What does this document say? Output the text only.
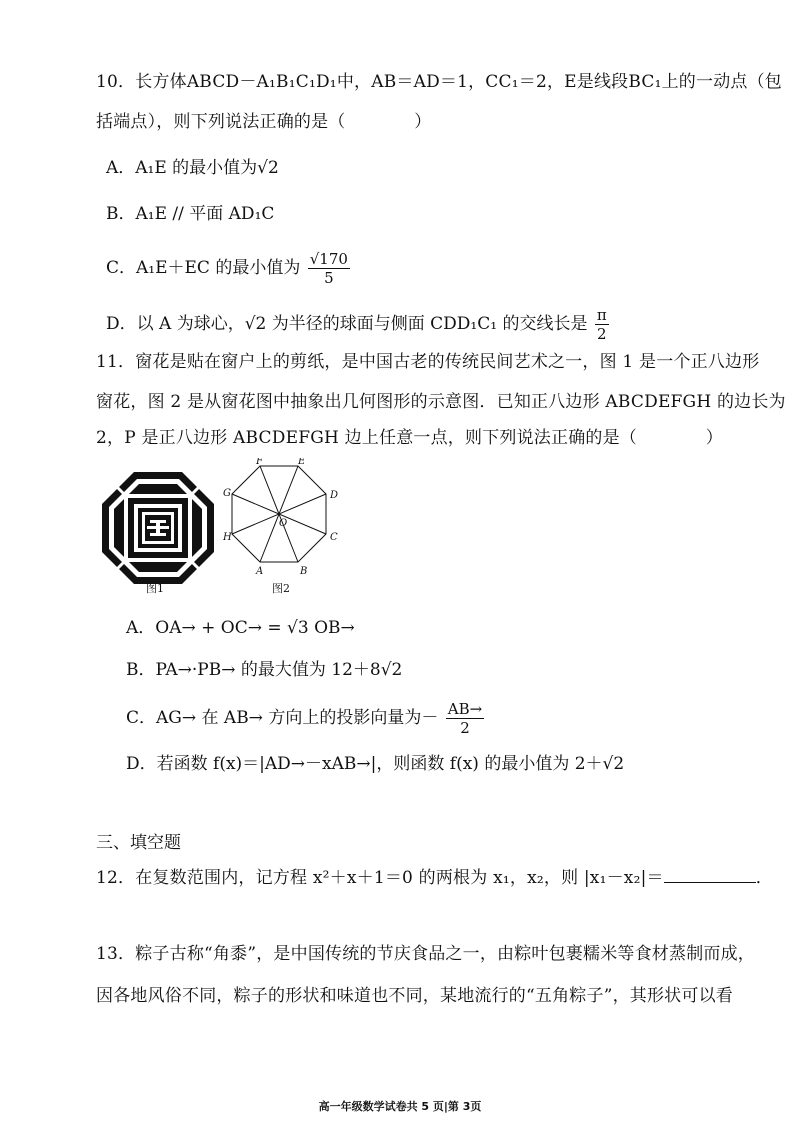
10．长方体ABCD－A₁B₁C₁D₁中，AB＝AD＝1，CC₁＝2，E是线段BC₁上的一动点（包
括端点），则下列说法正确的是（　　　　）
A．A₁E 的最小值为√2
B．A₁E // 平面 AD₁C
C．A₁E＋EC 的最小值为 $\frac{√170}{5}$
D．以 A 为球心，√2 为半径的球面与侧面 CDD₁C₁ 的交线长是 $\frac{\pi}{2}$
11．窗花是贴在窗户上的剪纸，是中国古老的传统民间艺术之一，图 1 是一个正八边形
窗花，图 2 是从窗花图中抽象出几何图形的示意图．已知正八边形 ABCDEFGH 的边长为
2，P 是正八边形 ABCDEFGH 边上任意一点，则下列说法正确的是（　　　　）
图1
F	E
G	D
H	C
A	B
O
图2
A．OA→ + OC→ = √3 OB→
B．PA→·PB→ 的最大值为 12＋8√2
C．AG→ 在 AB→ 方向上的投影向量为－ $\frac{AB\to}{2}$
D．若函数 f(x)＝|AD→－xAB→|，则函数 f(x) 的最小值为 2＋√2
三、填空题
12．在复数范围内，记方程 x²＋x＋1＝0 的两根为 x₁，x₂，则 |x₁－x₂|＝	．
13．粽子古称“角黍”，是中国传统的节庆食品之一，由粽叶包裹糯米等食材蒸制而成，
因各地风俗不同，粽子的形状和味道也不同，某地流行的“五角粽子”，其形状可以看
高一年级数学试卷共 5 页|第 3页
